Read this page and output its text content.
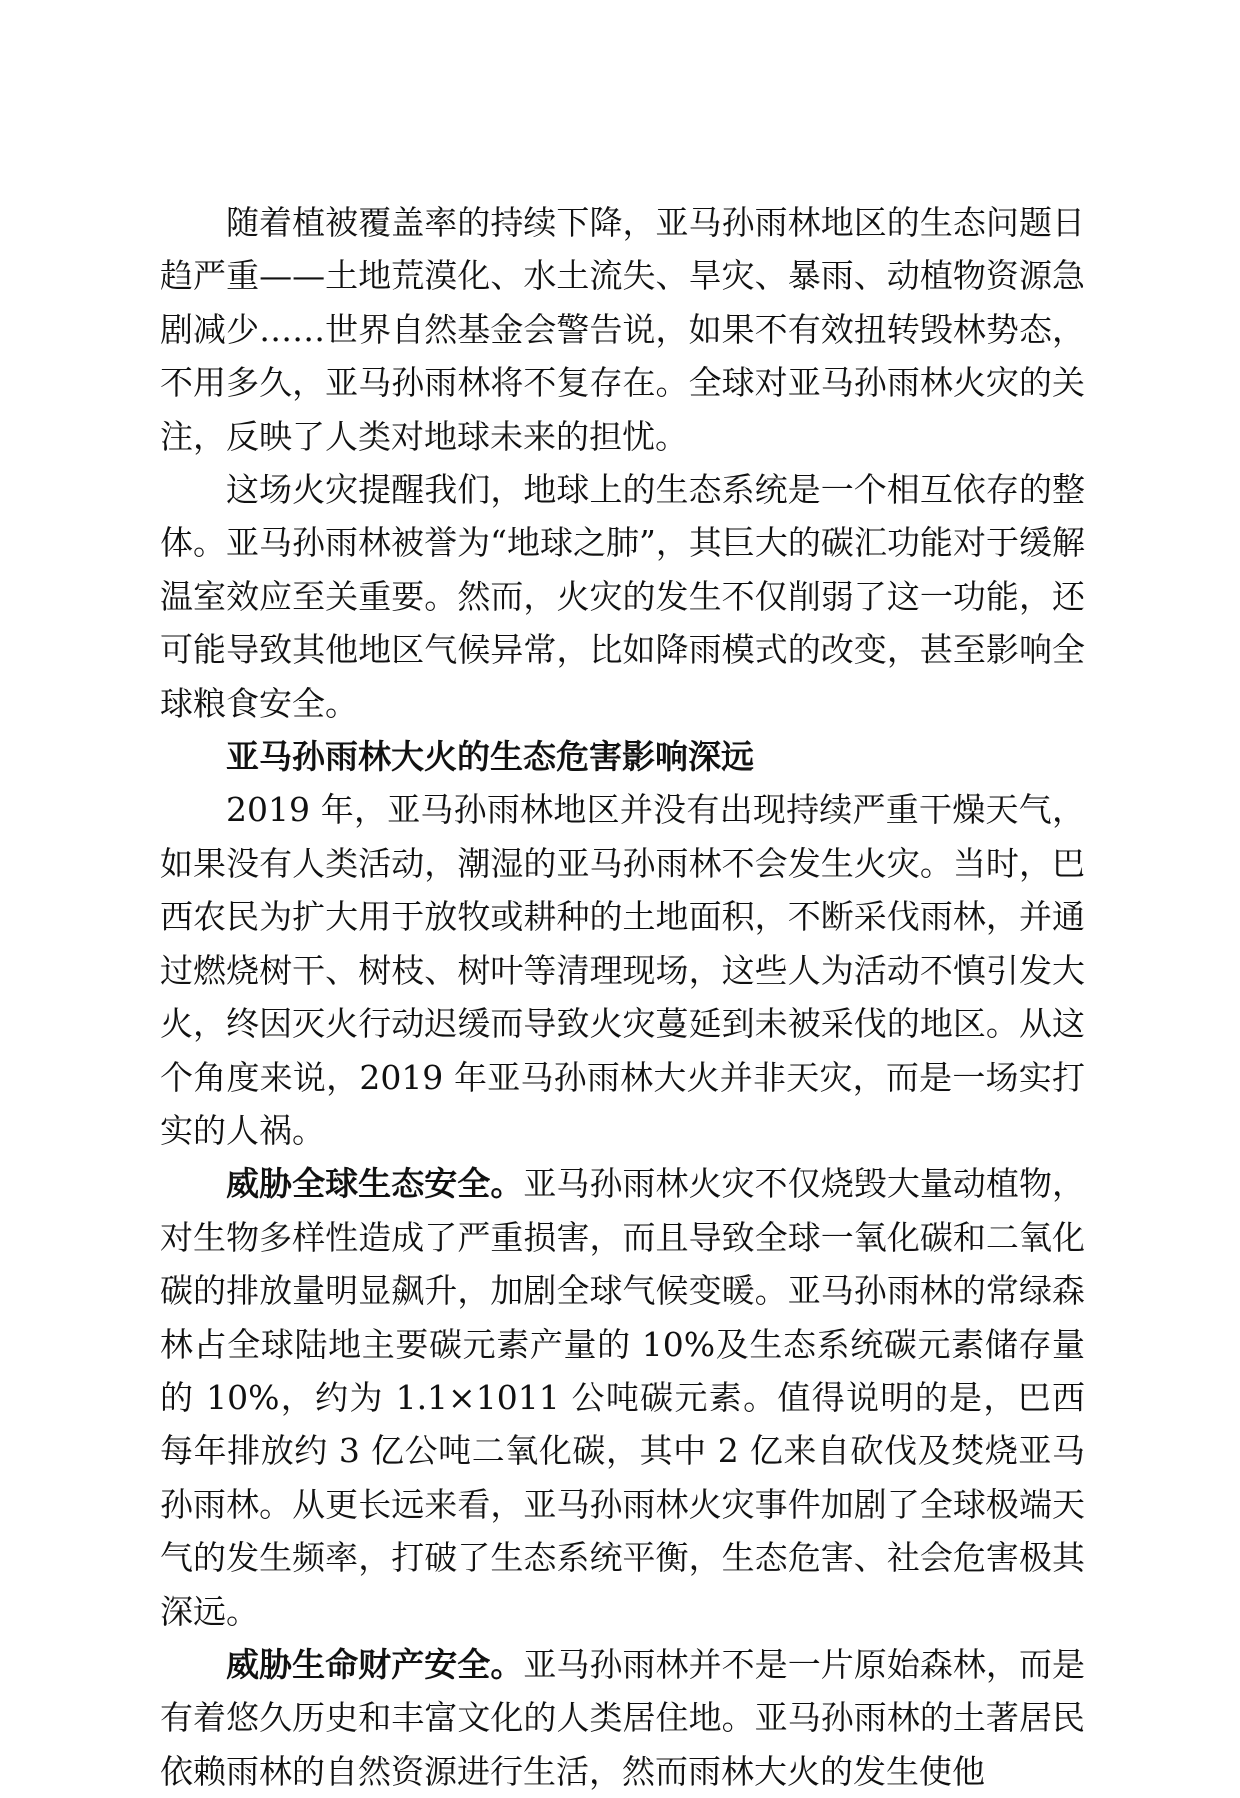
随着植被覆盖率的持续下降，亚马孙雨林地区的生态问题日趋严重——土地荒漠化、水土流失、旱灾、暴雨、动植物资源急剧减少……世界自然基金会警告说，如果不有效扭转毁林势态，不用多久，亚马孙雨林将不复存在。全球对亚马孙雨林火灾的关注，反映了人类对地球未来的担忧。

这场火灾提醒我们，地球上的生态系统是一个相互依存的整体。亚马孙雨林被誉为“地球之肺”，其巨大的碳汇功能对于缓解温室效应至关重要。然而，火灾的发生不仅削弱了这一功能，还可能导致其他地区气候异常，比如降雨模式的改变，甚至影响全球粮食安全。

亚马孙雨林大火的生态危害影响深远

2019 年，亚马孙雨林地区并没有出现持续严重干燥天气，如果没有人类活动，潮湿的亚马孙雨林不会发生火灾。当时，巴西农民为扩大用于放牧或耕种的土地面积，不断采伐雨林，并通过燃烧树干、树枝、树叶等清理现场，这些人为活动不慎引发大火，终因灭火行动迟缓而导致火灾蔓延到未被采伐的地区。从这个角度来说，2019 年亚马孙雨林大火并非天灾，而是一场实打实的人祸。

威胁全球生态安全。亚马孙雨林火灾不仅烧毁大量动植物，对生物多样性造成了严重损害，而且导致全球一氧化碳和二氧化碳的排放量明显飙升，加剧全球气候变暖。亚马孙雨林的常绿森林占全球陆地主要碳元素产量的 10%及生态系统碳元素储存量的 10%，约为 1.1×1011 公吨碳元素。值得说明的是，巴西每年排放约 3 亿公吨二氧化碳，其中 2 亿来自砍伐及焚烧亚马孙雨林。从更长远来看，亚马孙雨林火灾事件加剧了全球极端天气的发生频率，打破了生态系统平衡，生态危害、社会危害极其深远。

威胁生命财产安全。亚马孙雨林并不是一片原始森林，而是有着悠久历史和丰富文化的人类居住地。亚马孙雨林的土著居民依赖雨林的自然资源进行生活，然而雨林大火的发生使他
